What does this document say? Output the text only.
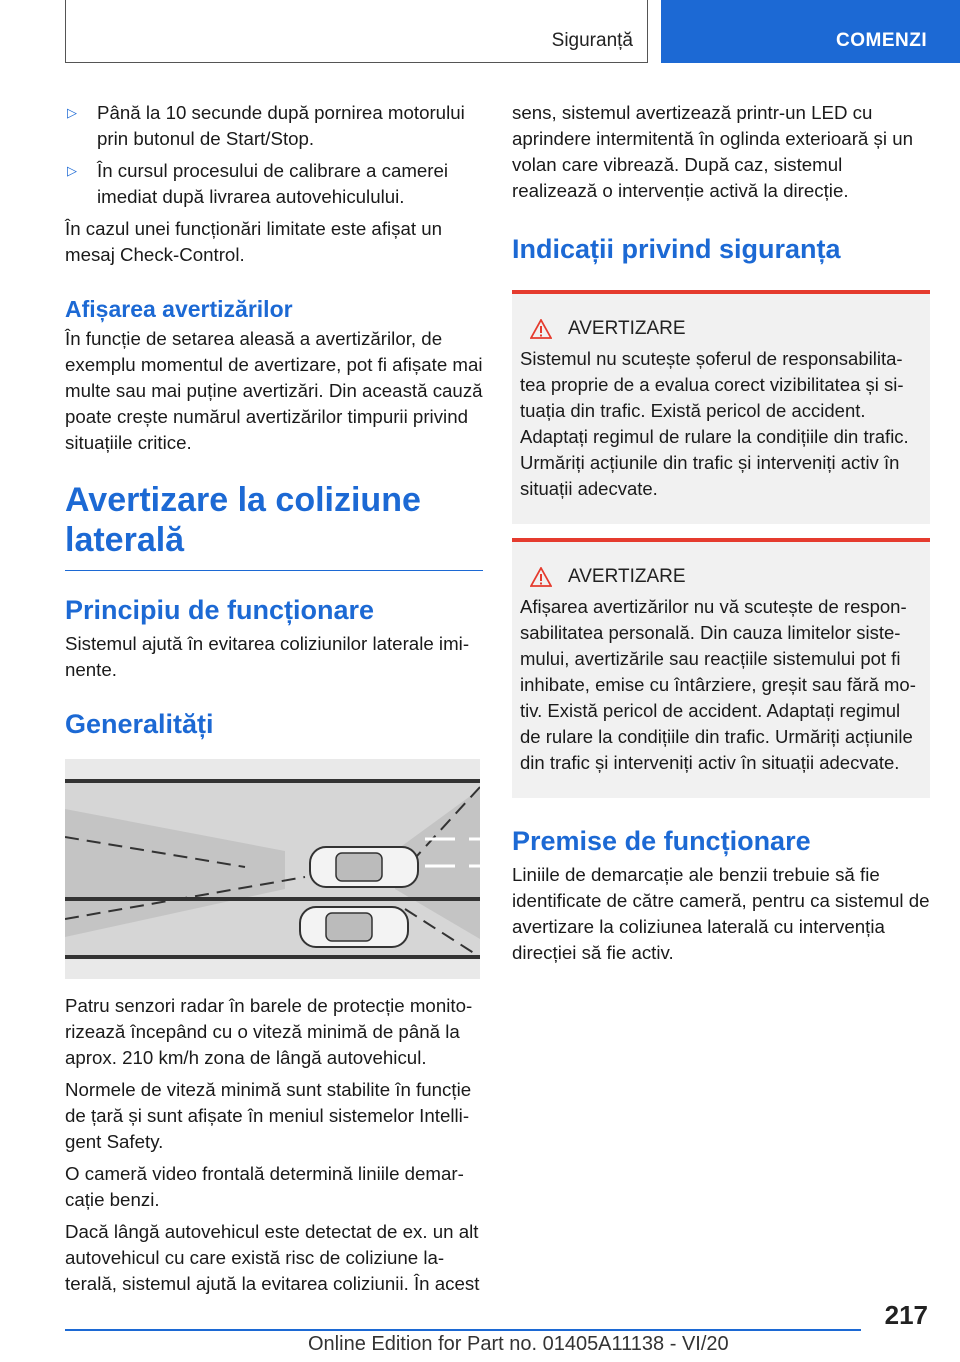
Siguranță	COMENZI
▷ Până la 10 secunde după pornirea motorului prin butonul de Start/Stop.
▷ În cursul procesului de calibrare a camerei imediat după livrarea autovehiculului.

În cazul unei funcționări limitate este afișat un mesaj Check-Control.

Afișarea avertizărilor

În funcție de setarea aleasă a avertizărilor, de exemplu momentul de avertizare, pot fi afișate mai multe sau mai puține avertizări. Din această cauză poate crește numărul avertizărilor timpurii privind situațiile critice.

Avertizare la coliziune laterală
Principiu de funcționare

Sistemul ajută în evitarea coliziunilor laterale iminente.

Generalități

Patru senzori radar în barele de protecție monitorizează începând cu o viteză minimă de până la aprox. 210 km/h zona de lângă autovehicul.

Normele de viteză minimă sunt stabilite în funcție de țară și sunt afișate în meniul sistemelor Intelligent Safety.

O cameră video frontală determină liniile demarcație benzi.

Dacă lângă autovehicul este detectat de ex. un alt autovehicul cu care există risc de coliziune laterală, sistemul ajută la evitarea coliziunii. În acest

sens, sistemul avertizează printr-un LED cu aprindere intermitentă în oglinda exterioară și un volan care vibrează. După caz, sistemul realizează o intervenție activă la direcție.

Indicații privind siguranța
AVERTIZARE

Sistemul nu scutește șoferul de responsabilitatea proprie de a evalua corect vizibilitatea și situația din trafic. Există pericol de accident. Adaptați regimul de rulare la condițiile din trafic. Urmăriți acțiunile din trafic și interveniți activ în situații adecvate.

AVERTIZARE

Afișarea avertizărilor nu vă scutește de responsabilitatea personală. Din cauza limitelor sistemului, avertizările sau reacțiile sistemului pot fi inhibate, emise cu întârziere, greșit sau fără motiv. Există pericol de accident. Adaptați regimul de rulare la condițiile din trafic. Urmăriți acțiunile din trafic și interveniți activ în situații adecvate.

Premise de funcționare

Liniile de demarcație ale benzii trebuie să fie identificate de către cameră, pentru ca sistemul de avertizare la coliziunea laterală cu intervenția direcției să fie activ.

217
Online Edition for Part no. 01405A11138 - VI/20
